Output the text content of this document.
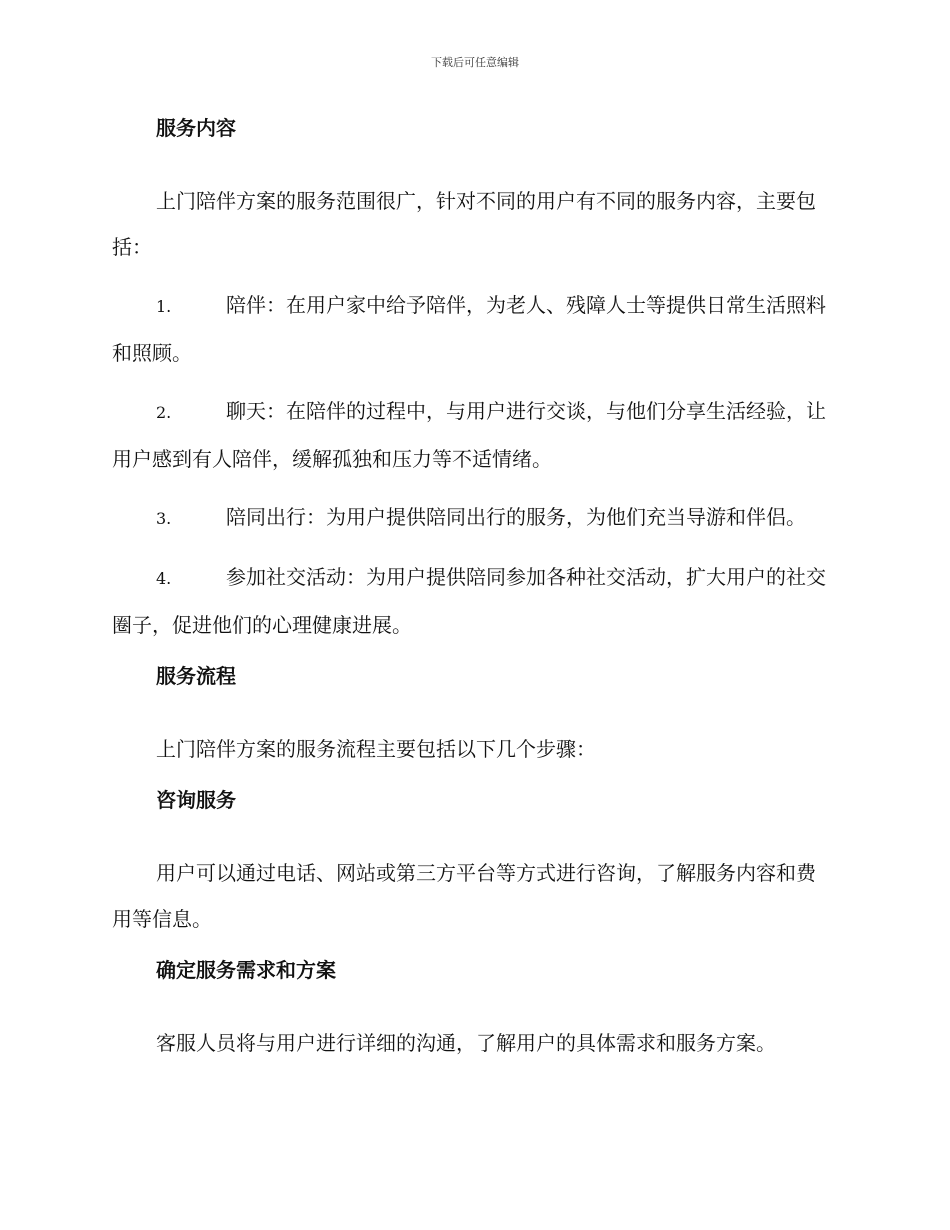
下载后可任意编辑
服务内容
上门陪伴方案的服务范围很广，针对不同的用户有不同的服务内容，主要包括：
1.	陪伴：在用户家中给予陪伴，为老人、残障人士等提供日常生活照料和照顾。
2.	聊天：在陪伴的过程中，与用户进行交谈，与他们分享生活经验，让用户感到有人陪伴，缓解孤独和压力等不适情绪。
3.	陪同出行：为用户提供陪同出行的服务，为他们充当导游和伴侣。
4.	参加社交活动：为用户提供陪同参加各种社交活动，扩大用户的社交圈子，促进他们的心理健康进展。
服务流程
上门陪伴方案的服务流程主要包括以下几个步骤：
咨询服务
用户可以通过电话、网站或第三方平台等方式进行咨询，了解服务内容和费用等信息。
确定服务需求和方案
客服人员将与用户进行详细的沟通，了解用户的具体需求和服务方案。
